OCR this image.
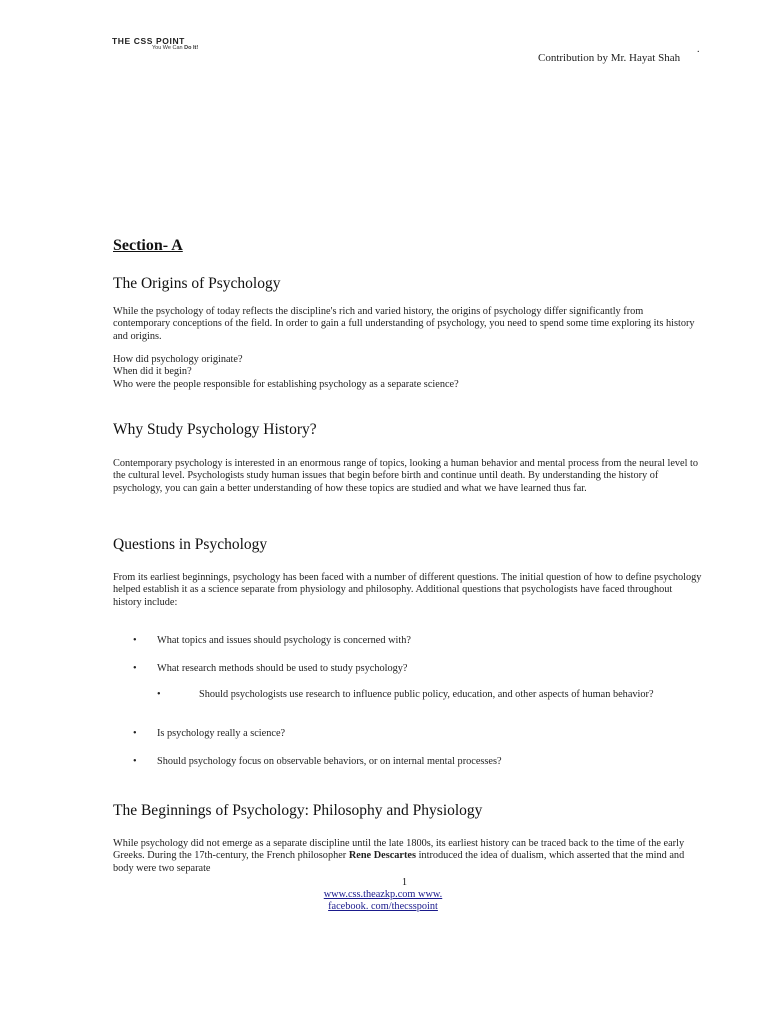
THE CSS POINT
You We Can Do It!	.
Contribution by Mr. Hayat Shah
Section- A
The Origins of Psychology

While the psychology of today reflects the discipline's rich and varied history, the origins of psychology differ significantly from contemporary conceptions of the field. In order to gain a full understanding of psychology, you need to spend some time exploring its history and origins.

How did psychology originate?

When did it begin?

Who were the people responsible for establishing psychology as a separate science?

Why Study Psychology History?

Contemporary psychology is interested in an enormous range of topics, looking a human behavior and mental process from the neural level to the cultural level. Psychologists study human issues that begin before birth and continue until death. By understanding the history of psychology, you can gain a better understanding of how these topics are studied and what we have learned thus far.

Questions in Psychology

From its earliest beginnings, psychology has been faced with a number of different questions. The initial question of how to define psychology helped establish it as a science separate from physiology and philosophy. Additional questions that psychologists have faced throughout history include:

• What topics and issues should psychology is concerned with?
• What research methods should be used to study psychology?
•	Should psychologists use research to influence public policy, education, and other aspects of human behavior?
• Is psychology really a science?
• Should psychology focus on observable behaviors, or on internal mental processes?
The Beginnings of Psychology: Philosophy and Physiology

While psychology did not emerge as a separate discipline until the late 1800s, its earliest history can be traced back to the time of the early Greeks. During the 17th-century, the French philosopher Rene Descartes introduced the idea of dualism, which asserted that the mind and body were two separate

1
www.css.theazkp.com www.
facebook. com/thecsspoint
